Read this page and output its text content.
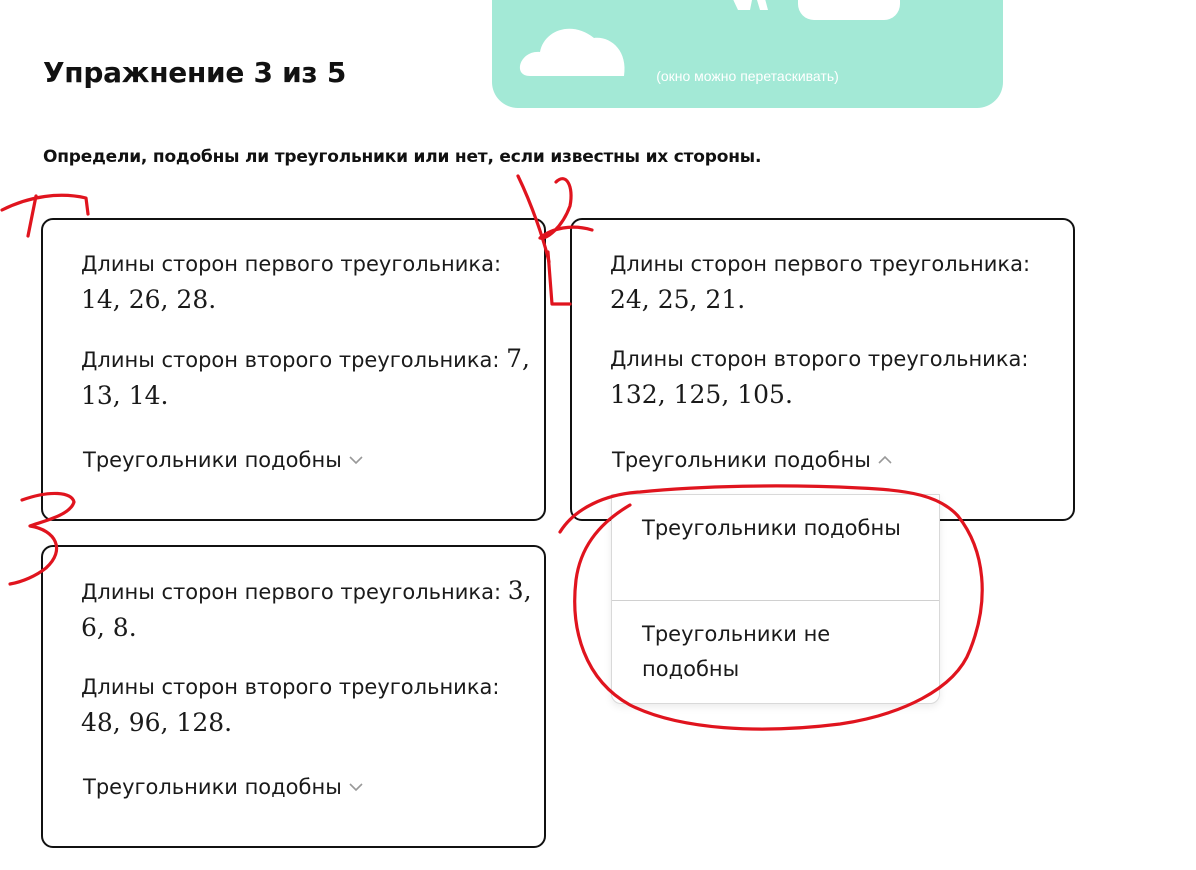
Упражнение 3 из 5	(окно можно перетаскивать)

Определи, подобны ли треугольники или нет, если известны их стороны.

Длины сторон первого треугольника: 14, 26, 28.

Длины сторон второго треугольника: 7, 13, 14.

Треугольники подобны

Длины сторон первого треугольника: 24, 25, 21.

Длины сторон второго треугольника: 132, 125, 105.

Треугольники подобны

Длины сторон первого треугольника: 3, 6, 8.

Длины сторон второго треугольника: 48, 96, 128.

Треугольники подобны
Треугольники подобны
Треугольники не подобны
